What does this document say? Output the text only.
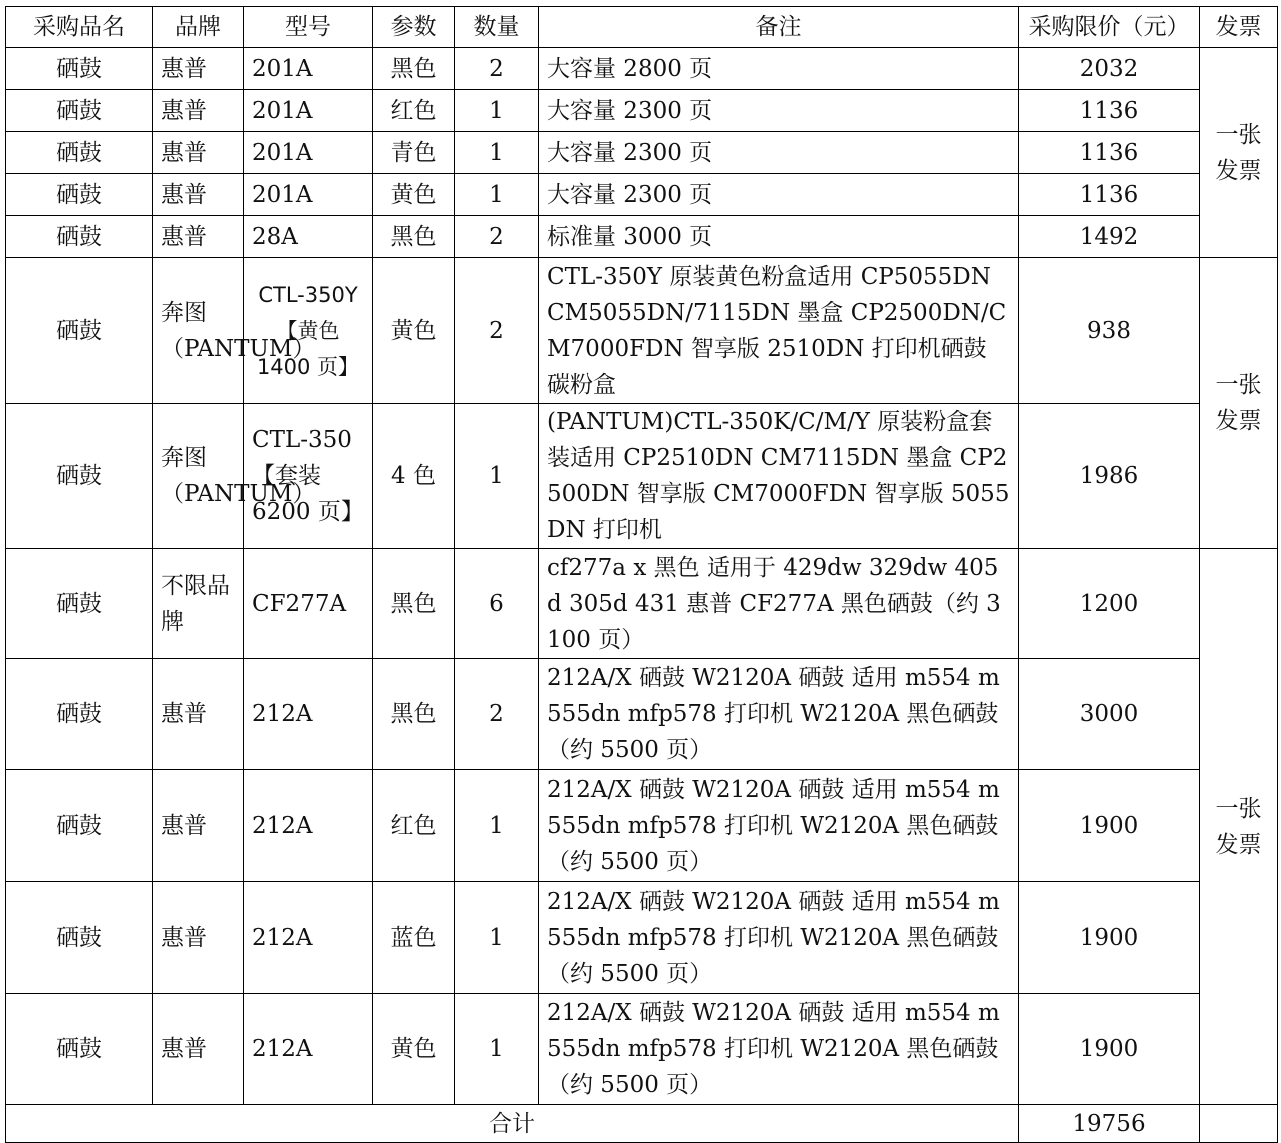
采购品名	品牌	型号	参数	数量	备注	采购限价（元）	发票
硒鼓	惠普	201A	黑色	2	大容量 2800 页	2032	一张发票
硒鼓	惠普	201A	红色	1	大容量 2300 页	1136	
硒鼓	惠普	201A	青色	1	大容量 2300 页	1136	
硒鼓	惠普	201A	黄色	1	大容量 2300 页	1136	
硒鼓	惠普	28A	黑色	2	标准量 3000 页	1492	
硒鼓	奔图（PANTUM）	CTL-350Y【黄色 1400 页】	黄色	2	CTL-350Y 原装黄色粉盒适用 CP5055DN CM5055DN/7115DN 墨盒 CP2500DN/CM7000FDN 智享版 2510DN 打印机硒鼓 碳粉盒	938	一张发票
硒鼓	奔图（PANTUM）	CTL-350【套装 6200 页】	4 色	1	(PANTUM)CTL-350K/C/M/Y 原装粉盒套装适用 CP2510DN CM7115DN 墨盒 CP2500DN 智享版 CM7000FDN 智享版 5055DN 打印机	1986	
硒鼓	不限品牌	CF277A	黑色	6	cf277a x 黑色 适用于 429dw 329dw 405d 305d 431 惠普 CF277A 黑色硒鼓（约 3100 页）	1200	一张发票
硒鼓	惠普	212A	黑色	2	212A/X 硒鼓 W2120A 硒鼓 适用 m554 m555dn mfp578 打印机 W2120A 黑色硒鼓（约 5500 页）	3000	
硒鼓	惠普	212A	红色	1	212A/X 硒鼓 W2120A 硒鼓 适用 m554 m555dn mfp578 打印机 W2120A 黑色硒鼓（约 5500 页）	1900	
硒鼓	惠普	212A	蓝色	1	212A/X 硒鼓 W2120A 硒鼓 适用 m554 m555dn mfp578 打印机 W2120A 黑色硒鼓（约 5500 页）	1900	
硒鼓	惠普	212A	黄色	1	212A/X 硒鼓 W2120A 硒鼓 适用 m554 m555dn mfp578 打印机 W2120A 黑色硒鼓（约 5500 页）	1900	
合计						19756	
